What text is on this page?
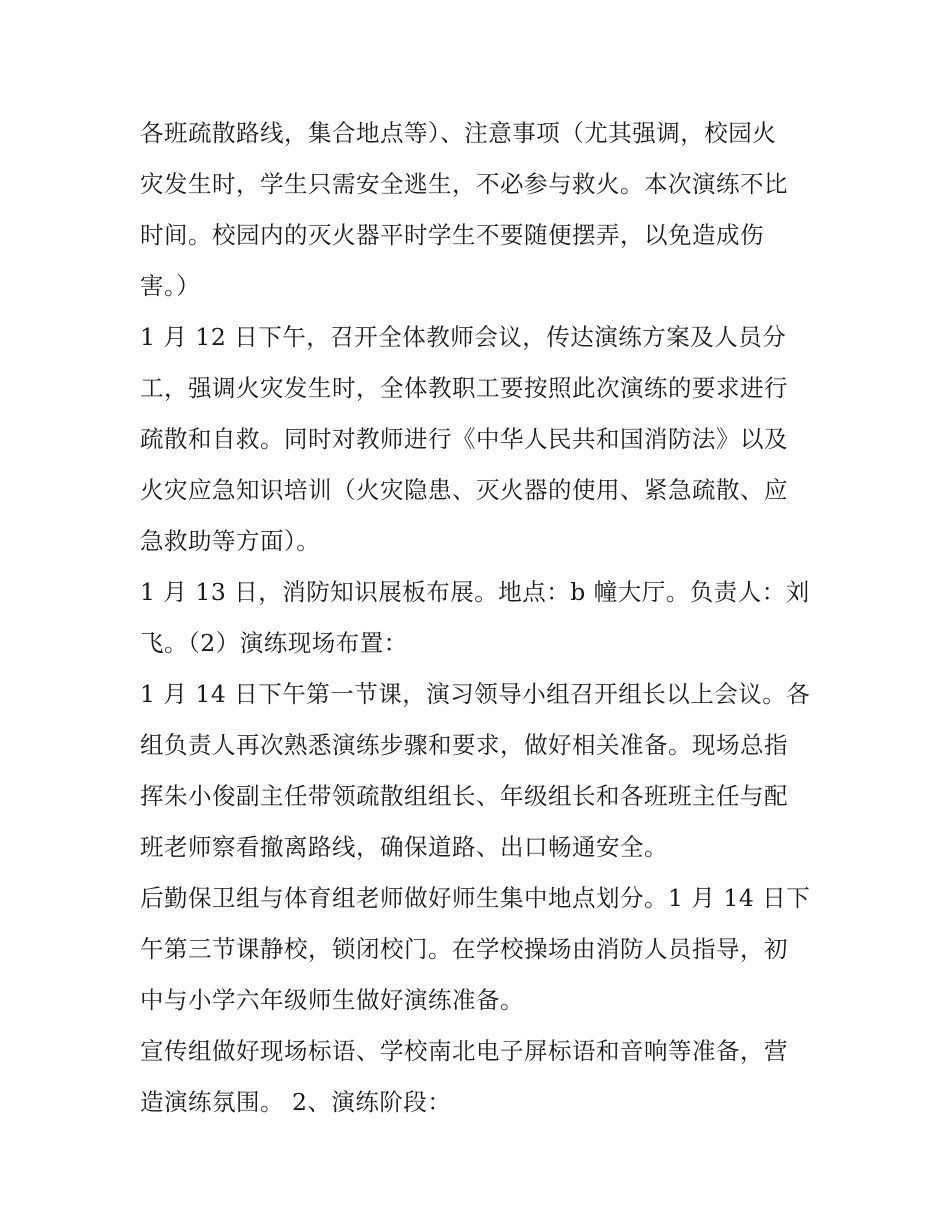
各班疏散路线，集合地点等）、注意事项（尤其强调，校园火
灾发生时，学生只需安全逃生，不必参与救火。本次演练不比
时间。校园内的灭火器平时学生不要随便摆弄，以免造成伤
害。）
1 月 12 日下午，召开全体教师会议，传达演练方案及人员分
工，强调火灾发生时，全体教职工要按照此次演练的要求进行
疏散和自救。同时对教师进行《中华人民共和国消防法》以及
火灾应急知识培训（火灾隐患、灭火器的使用、紧急疏散、应
急救助等方面）。
1 月 13 日，消防知识展板布展。地点：b 幢大厅。负责人：刘
飞。（2）演练现场布置：
1 月 14 日下午第一节课，演习领导小组召开组长以上会议。各
组负责人再次熟悉演练步骤和要求，做好相关准备。现场总指
挥朱小俊副主任带领疏散组组长、年级组长和各班班主任与配
班老师察看撤离路线，确保道路、出口畅通安全。
后勤保卫组与体育组老师做好师生集中地点划分。1 月 14 日下
午第三节课静校，锁闭校门。在学校操场由消防人员指导，初
中与小学六年级师生做好演练准备。
宣传组做好现场标语、学校南北电子屏标语和音响等准备，营
造演练氛围。 2、演练阶段：
